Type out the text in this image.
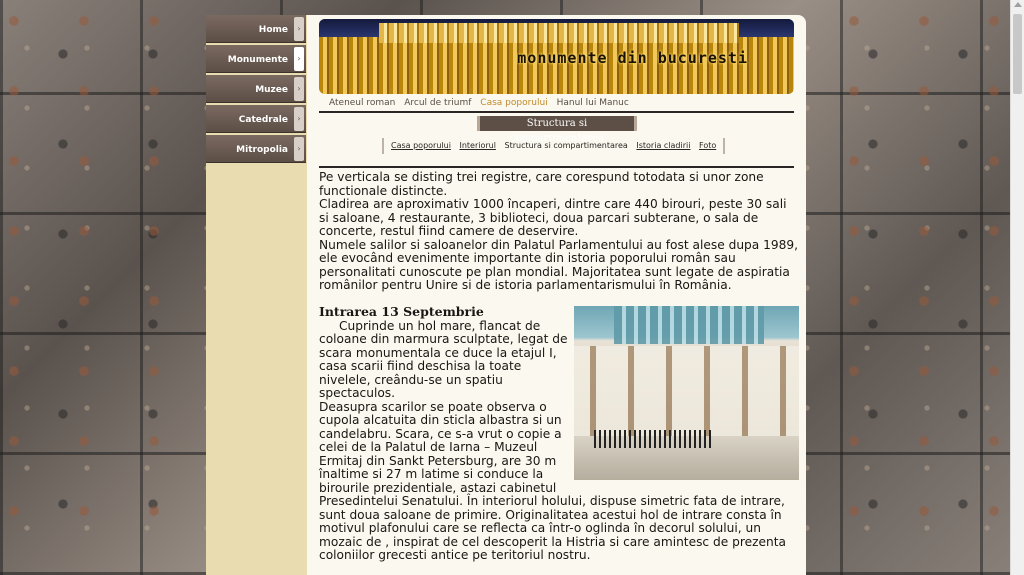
Home	›
Monumente	›
Muzee	›
Catedrale	›
Mitropolia	›
monumente din bucuresti
Ateneul roman Arcul de triumf Casa poporului Hanul lui Manuc
Structura si compartimentarea
Casa poporului Interiorul Structura si compartimentarea Istoria cladirii Foto

Pe verticala se disting trei registre, care corespund totodata si unor zone functionale distincte.

Cladirea are aproximativ 1000 încaperi, dintre care 440 birouri, peste 30 sali si saloane, 4 restaurante, 3 biblioteci, doua parcari subterane, o sala de concerte, restul fiind camere de deservire.

Numele salilor si saloanelor din Palatul Parlamentului au fost alese dupa 1989, ele evocând evenimente importante din istoria poporului român sau personalitati cunoscute pe plan mondial. Majoritatea sunt legate de aspiratia românilor pentru Unire si de istoria parlamentarismului în România.

Intrarea 13 Septembrie

Cuprinde un hol mare, flancat de coloane din marmura sculptate, legat de scara monumentala ce duce la etajul I, casa scarii fiind deschisa la toate nivelele, creându-se un spatiu spectaculos.

Deasupra scarilor se poate observa o cupola alcatuita din sticla albastra si un candelabru. Scara, ce s-a vrut o copie a celei de la Palatul de Iarna – Muzeul Ermitaj din Sankt Petersburg, are 30 m înaltime si 27 m latime si conduce la birourile prezidentiale, astazi cabinetul Presedintelui Senatului. În interiorul holului, dispuse simetric fata de intrare, sunt doua saloane de primire. Originalitatea acestui hol de intrare consta în motivul plafonului care se reflecta ca într-o oglinda în decorul solului, un mozaic de , inspirat de cel descoperit la Histria si care amintesc de prezenta coloniilor grecesti antice pe teritoriul nostru.
